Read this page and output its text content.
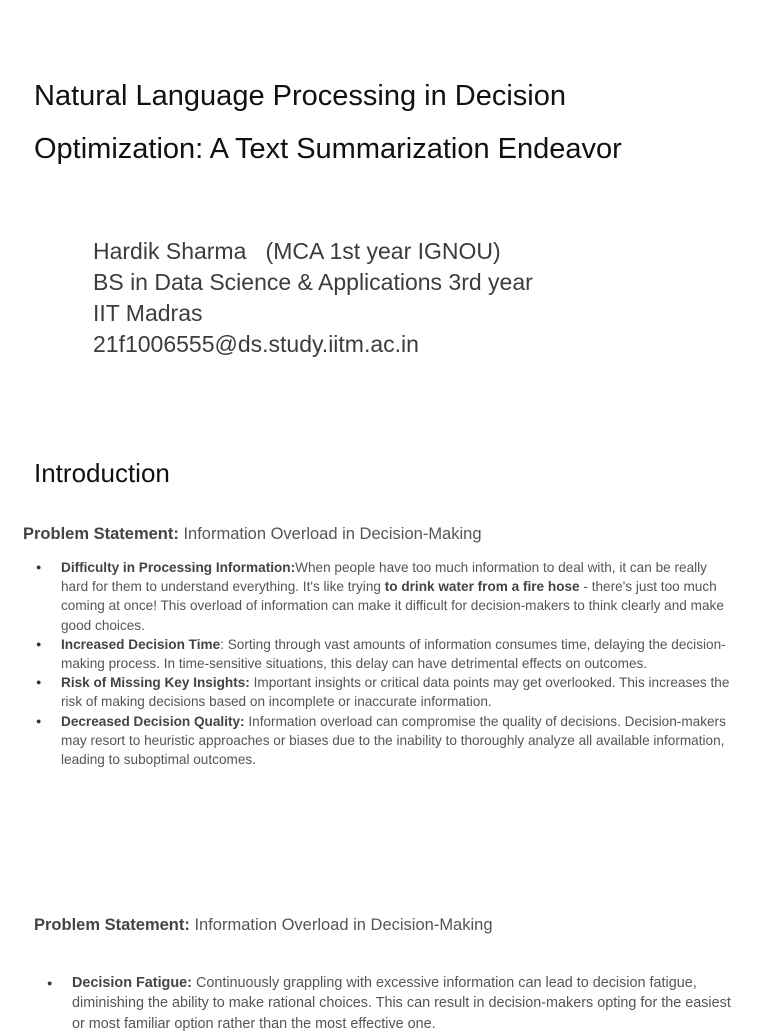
Natural Language Processing in Decision
Optimization: A Text Summarization Endeavor
Hardik Sharma   (MCA 1st year IGNOU)
BS in Data Science & Applications 3rd year
IIT Madras
21f1006555@ds.study.iitm.ac.in
Introduction
Problem Statement: Information Overload in Decision-Making
● Difficulty in Processing Information:When people have too much information to deal with, it can be really hard for them to understand everything. It's like trying to drink water from a fire hose - there's just too much coming at once! This overload of information can make it difficult for decision-makers to think clearly and make good choices.
● Increased Decision Time: Sorting through vast amounts of information consumes time, delaying the decision-making process. In time-sensitive situations, this delay can have detrimental effects on outcomes.
● Risk of Missing Key Insights: Important insights or critical data points may get overlooked. This increases the risk of making decisions based on incomplete or inaccurate information.
● Decreased Decision Quality: Information overload can compromise the quality of decisions. Decision-makers may resort to heuristic approaches or biases due to the inability to thoroughly analyze all available information, leading to suboptimal outcomes.
Problem Statement: Information Overload in Decision-Making
● Decision Fatigue: Continuously grappling with excessive information can lead to decision fatigue, diminishing the ability to make rational choices. This can result in decision-makers opting for the easiest or most familiar option rather than the most effective one.
